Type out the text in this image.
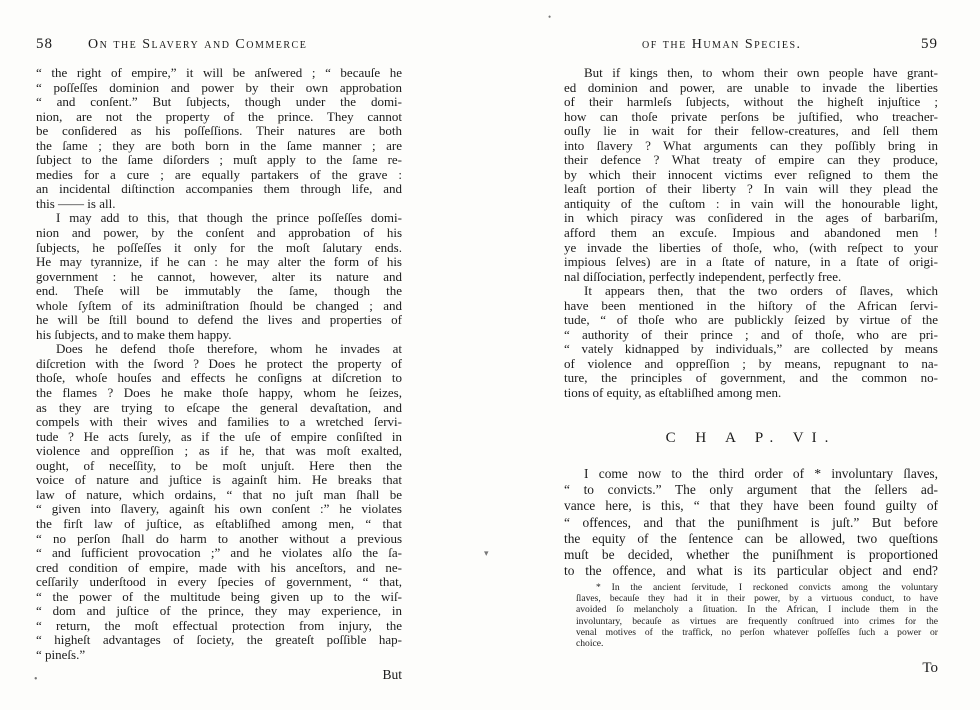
58	On the Slavery and Commerce
“ the right of empire,” it will be anſwered ; “ becauſe he
“ poſſeſſes dominion and power by their own approbation
“ and conſent.” But ſubjects, though under the domi-
nion, are not the property of the prince. They cannot
be conſidered as his poſſeſſions. Their natures are both
the ſame ; they are both born in the ſame manner ; are
ſubject to the ſame diſorders ; muſt apply to the ſame re-
medies for a cure ; are equally partakers of the grave :
an incidental diſtinction accompanies them through life, and
this —— is all.
I may add to this, that though the prince poſſeſſes domi-
nion and power, by the conſent and approbation of his
ſubjects, he poſſeſſes it only for the moſt ſalutary ends.
He may tyrannize, if he can : he may alter the form of his
government : he cannot, however, alter its nature and
end. Theſe will be immutably the ſame, though the
whole ſyſtem of its adminiſtration ſhould be changed ; and
he will be ſtill bound to defend the lives and properties of
his ſubjects, and to make them happy.
Does he defend thoſe therefore, whom he invades at
diſcretion with the ſword ? Does he protect the property of
thoſe, whoſe houſes and effects he conſigns at diſcretion to
the flames ? Does he make thoſe happy, whom he ſeizes,
as they are trying to eſcape the general devaſtation, and
compels with their wives and families to a wretched ſervi-
tude ? He acts ſurely, as if the uſe of empire conſiſted in
violence and oppreſſion ; as if he, that was moſt exalted,
ought, of neceſſity, to be moſt unjuſt. Here then the
voice of nature and juſtice is againſt him. He breaks that
law of nature, which ordains, “ that no juſt man ſhall be
“ given into ſlavery, againſt his own conſent :” he violates
the firſt law of juſtice, as eſtabliſhed among men, “ that
“ no perſon ſhall do harm to another without a previous
“ and ſufficient provocation ;” and he violates alſo the ſa-
cred condition of empire, made with his anceſtors, and ne-
ceſſarily underſtood in every ſpecies of government, “ that,
“ the power of the multitude being given up to the wiſ-
“ dom and juſtice of the prince, they may experience, in
“ return, the moſt effectual protection from injury, the
“ higheſt advantages of ſociety, the greateſt poſſible hap-
“ pineſs.”
But
of the Human Species.	59
But if kings then, to whom their own people have grant-
ed dominion and power, are unable to invade the liberties
of their harmleſs ſubjects, without the higheſt injuſtice ;
how can thoſe private perſons be juſtified, who treacher-
ouſly lie in wait for their fellow-creatures, and ſell them
into ſlavery ? What arguments can they poſſibly bring in
their defence ? What treaty of empire can they produce,
by which their innocent victims ever reſigned to them the
leaſt portion of their liberty ? In vain will they plead the
antiquity of the cuſtom : in vain will the honourable light,
in which piracy was conſidered in the ages of barbariſm,
afford them an excuſe. Impious and abandoned men !
ye invade the liberties of thoſe, who, (with reſpect to your
impious ſelves) are in a ſtate of nature, in a ſtate of origi-
nal diſſociation, perfectly independent, perfectly free.
It appears then, that the two orders of ſlaves, which
have been mentioned in the hiſtory of the African ſervi-
tude, “ of thoſe who are publickly ſeized by virtue of the
“ authority of their prince ; and of thoſe, who are pri-
“ vately kidnapped by individuals,” are collected by means
of violence and oppreſſion ; by means, repugnant to na-
ture, the principles of government, and the common no-
tions of equity, as eſtabliſhed among men.
C H A P. VI.
I come now to the third order of * involuntary ſlaves,
“ to convicts.” The only argument that the ſellers ad-
vance here, is this, “ that they have been found guilty of
“ offences, and that the puniſhment is juſt.” But before
the equity of the ſentence can be allowed, two queſtions
muſt be decided, whether the puniſhment is proportioned
to the offence, and what is its particular object and end?
* In the ancient ſervitude, I reckoned convicts among the voluntary
ſlaves, becauſe they had it in their power, by a virtuous conduct, to have
avoided ſo melancholy a ſituation. In the African, I include them in the
involuntary, becauſe as virtues are frequently conſtrued into crimes for the
venal motives of the traffick, no perſon whatever poſſeſſes ſuch a power or
choice.
To
•
▾
•
